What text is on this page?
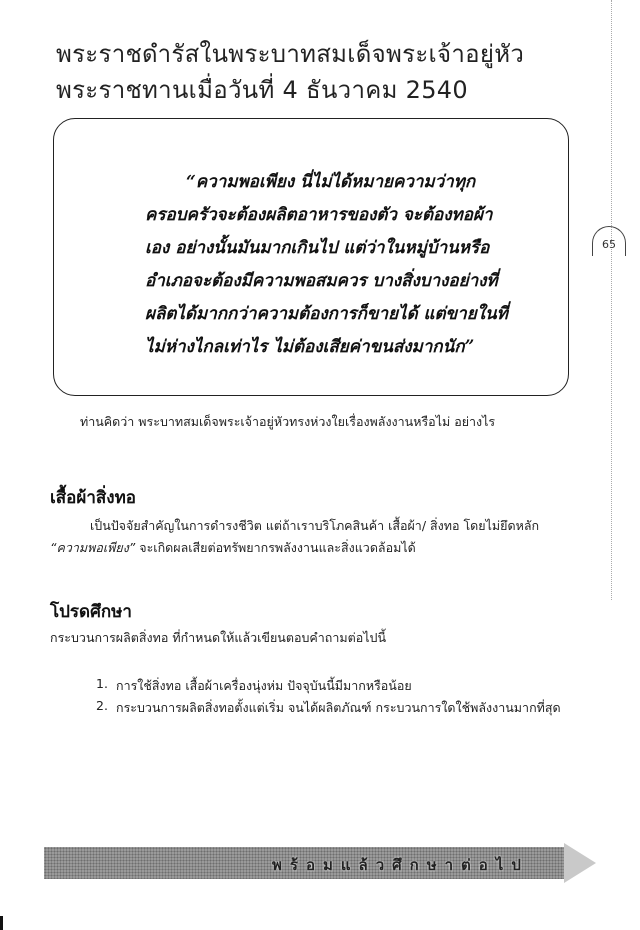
พระราชดำรัสในพระบาทสมเด็จพระเจ้าอยู่หัว
พระราชทานเมื่อวันที่ 4 ธันวาคม 2540
“ความพอเพียง นี่ไม่ได้หมายความว่าทุก
ครอบครัวจะต้องผลิตอาหารของตัว จะต้องทอผ้า
เอง อย่างนั้นมันมากเกินไป แต่ว่าในหมู่บ้านหรือ
อำเภอจะต้องมีความพอสมควร บางสิ่งบางอย่างที่
ผลิตได้มากกว่าความต้องการก็ขายได้ แต่ขายในที่
ไม่ห่างไกลเท่าไร ไม่ต้องเสียค่าขนส่งมากนัก”
65
ท่านคิดว่า พระบาทสมเด็จพระเจ้าอยู่หัวทรงห่วงใยเรื่องพลังงานหรือไม่ อย่างไร
เสื้อผ้าสิ่งทอ
เป็นปัจจัยสำคัญในการดำรงชีวิต แต่ถ้าเราบริโภคสินค้า เสื้อผ้า/ สิ่งทอ โดยไม่ยึดหลัก
“ความพอเพียง” จะเกิดผลเสียต่อทรัพยากรพลังงานและสิ่งแวดล้อมได้
โปรดศึกษา
กระบวนการผลิตสิ่งทอ ที่กำหนดให้แล้วเขียนตอบคำถามต่อไปนี้
1. การใช้สิ่งทอ เสื้อผ้าเครื่องนุ่งห่ม ปัจจุบันนี้มีมากหรือน้อย
2. กระบวนการผลิตสิ่งทอตั้งแต่เริ่ม จนได้ผลิตภัณฑ์ กระบวนการใดใช้พลังงานมากที่สุด
พร้อมแล้วศึกษาต่อไป
